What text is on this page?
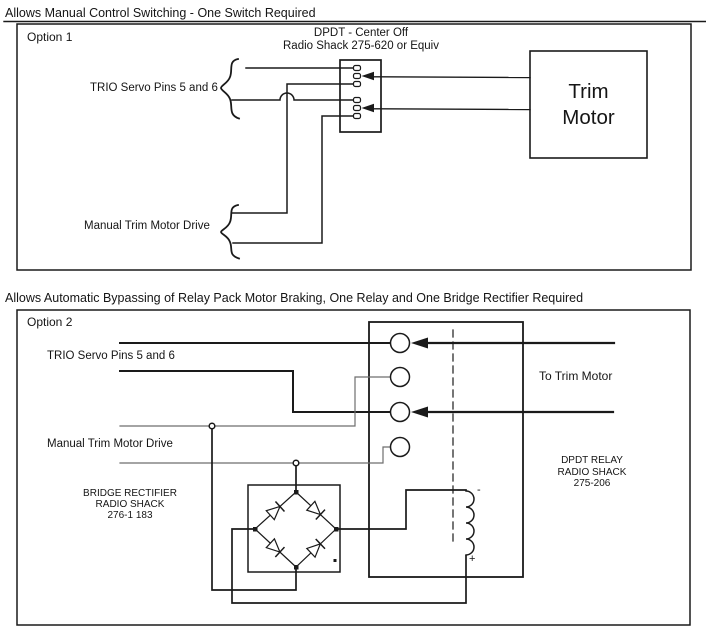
Allows Manual Control Switching - One Switch Required
Option 1	DPDT - Center Off
Radio Shack 275-620 or Equiv
TRIO Servo Pins 5 and 6
Manual Trim Motor Drive
Trim
Motor
Allows Automatic Bypassing of Relay Pack Motor Braking, One Relay and One Bridge Rectifier Required
Option 2
TRIO Servo Pins 5 and 6
Manual Trim Motor Drive
To Trim Motor
BRIDGE RECTIFIER
RADIO SHACK
276-1 183
DPDT RELAY
RADIO SHACK
275-206
-
+
